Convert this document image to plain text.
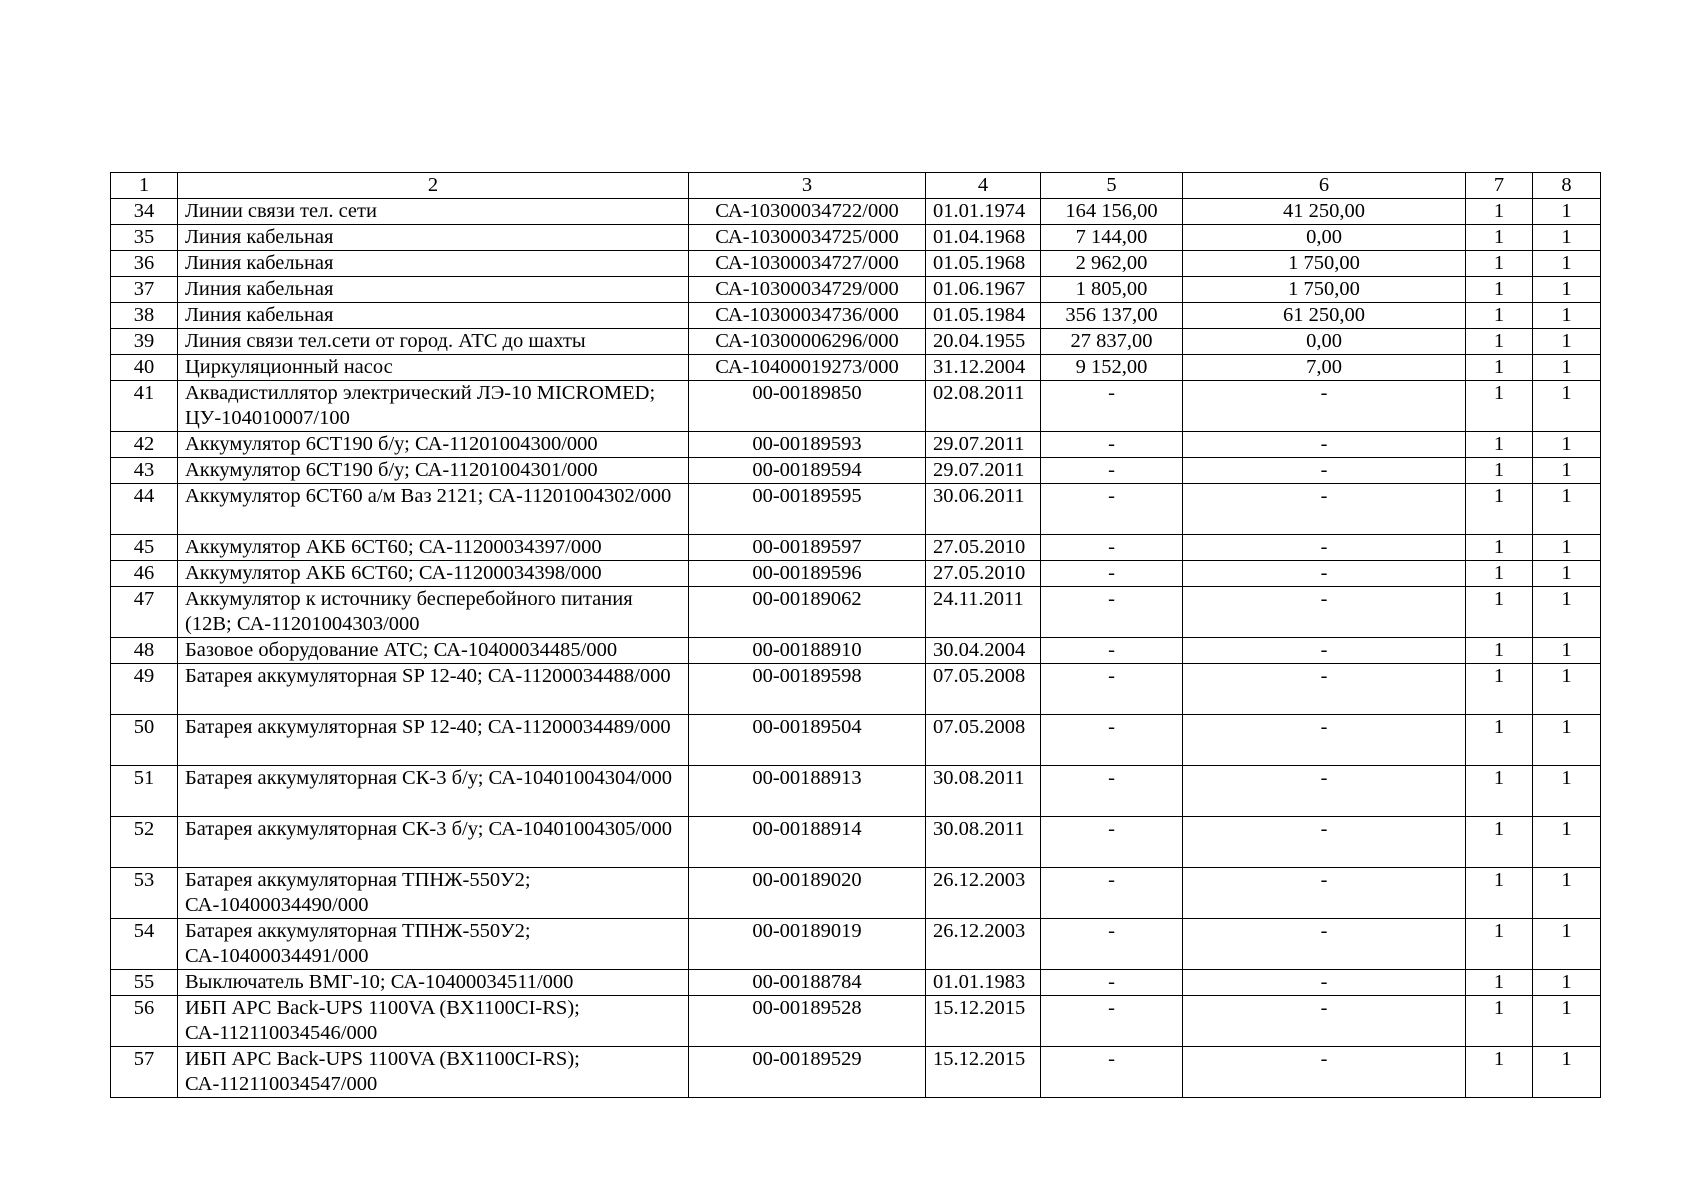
1	2	3	4	5	6	7	8
34	Линии связи тел. сети	СА-10300034722/000	01.01.1974	164 156,00	41 250,00	1	1
35	Линия кабельная	СА-10300034725/000	01.04.1968	7 144,00	0,00	1	1
36	Линия кабельная	СА-10300034727/000	01.05.1968	2 962,00	1 750,00	1	1
37	Линия кабельная	СА-10300034729/000	01.06.1967	1 805,00	1 750,00	1	1
38	Линия кабельная	СА-10300034736/000	01.05.1984	356 137,00	61 250,00	1	1
39	Линия связи тел.сети от город. АТС до шахты	СА-10300006296/000	20.04.1955	27 837,00	0,00	1	1
40	Циркуляционный насос	СА-10400019273/000	31.12.2004	9 152,00	7,00	1	1
41	Аквадистиллятор электрический ЛЭ-10 MICROMED; ЦУ-104010007/100	00-00189850	02.08.2011	-	-	1	1
42	Аккумулятор 6СТ190 б/у; СА-11201004300/000	00-00189593	29.07.2011	-	-	1	1
43	Аккумулятор 6СТ190 б/у; СА-11201004301/000	00-00189594	29.07.2011	-	-	1	1
44	Аккумулятор 6СТ60 а/м Ваз 2121; СА-11201004302/000	00-00189595	30.06.2011	-	-	1	1
45	Аккумулятор АКБ 6СТ60; СА-11200034397/000	00-00189597	27.05.2010	-	-	1	1
46	Аккумулятор АКБ 6СТ60; СА-11200034398/000	00-00189596	27.05.2010	-	-	1	1
47	Аккумулятор к источнику бесперебойного питания (12В; СА-11201004303/000	00-00189062	24.11.2011	-	-	1	1
48	Базовое оборудование АТС; СА-10400034485/000	00-00188910	30.04.2004	-	-	1	1
49	Батарея аккумуляторная SP 12-40; СА-11200034488/000	00-00189598	07.05.2008	-	-	1	1
50	Батарея аккумуляторная SP 12-40; СА-11200034489/000	00-00189504	07.05.2008	-	-	1	1
51	Батарея аккумуляторная СК-3 б/у; СА-10401004304/000	00-00188913	30.08.2011	-	-	1	1
52	Батарея аккумуляторная СК-3 б/у; СА-10401004305/000	00-00188914	30.08.2011	-	-	1	1
53	Батарея аккумуляторная ТПНЖ-550У2; СА-10400034490/000	00-00189020	26.12.2003	-	-	1	1
54	Батарея аккумуляторная ТПНЖ-550У2; СА-10400034491/000	00-00189019	26.12.2003	-	-	1	1
55	Выключатель ВМГ-10; СА-10400034511/000	00-00188784	01.01.1983	-	-	1	1
56	ИБП APC Back-UPS 1100VA (BX1100CI-RS); СА-112110034546/000	00-00189528	15.12.2015	-	-	1	1
57	ИБП APC Back-UPS 1100VA (BX1100CI-RS); СА-112110034547/000	00-00189529	15.12.2015	-	-	1	1
